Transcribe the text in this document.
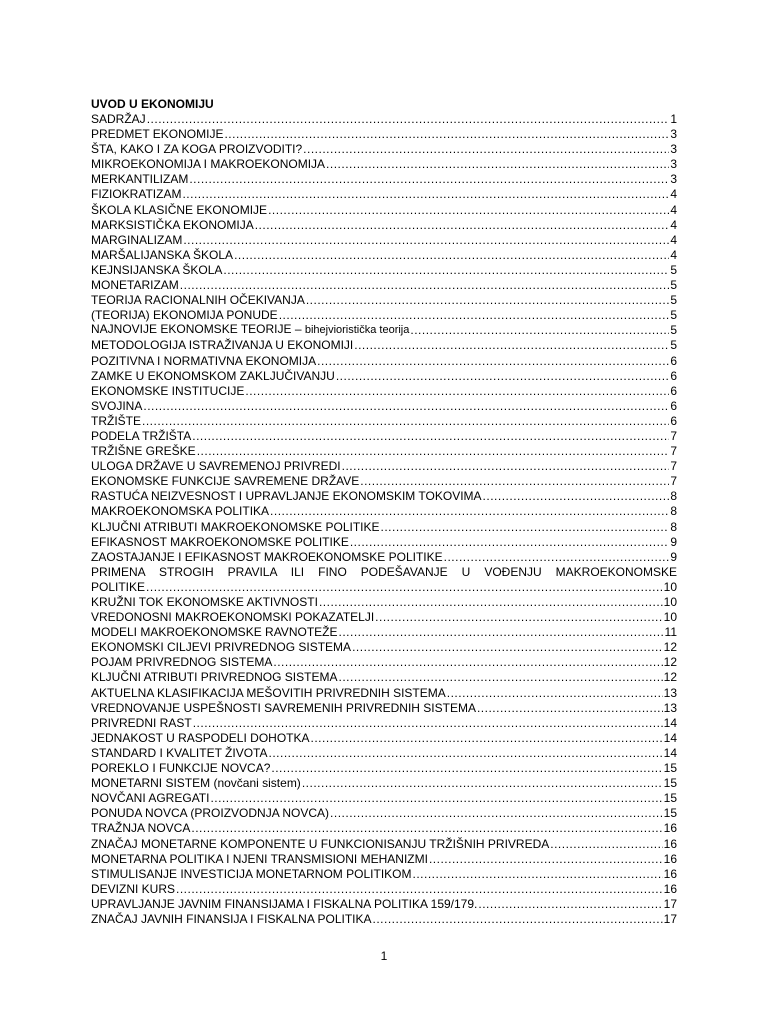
UVOD U EKONOMIJU
SADRŽAJ .....	1
PREDMET EKONOMIJE .....	3
ŠTA, KAKO I ZA KOGA PROIZVODITI? .....	3
MIKROEKONOMIJA I MAKROEKONOMIJA .....	3
MERKANTILIZAM .....	3
FIZIOKRATIZAM .....	4
ŠKOLA KLASIČNE EKONOMIJE .....	4
MARKSISTIČKA EKONOMIJA .....	4
MARGINALIZAM .....	4
MARŠALIJANSKA ŠKOLA .....	4
KEJNSIJANSKA ŠKOLA .....	5
MONETARIZAM .....	5
TEORIJA RACIONALNIH OČEKIVANJA .....	5
(TEORIJA) EKONOMIJA PONUDE .....	5
NAJNOVIJE EKONOMSKE TEORIJE – bihejvioristička teorija .....	5
METODOLOGIJA ISTRAŽIVANJA U EKONOMIJI .....	5
POZITIVNA I NORMATIVNA EKONOMIJA .....	6
ZAMKE U EKONOMSKOM ZAKLJUČIVANJU .....	6
EKONOMSKE INSTITUCIJE .....	6
SVOJINA .....	6
TRŽIŠTE .....	6
PODELA TRŽIŠTA .....	7
TRŽIŠNE GREŠKE .....	7
ULOGA DRŽAVE U SAVREMENOJ PRIVREDI .....	7
EKONOMSKE FUNKCIJE SAVREMENE DRŽAVE .....	7
RASTUĆA NEIZVESNOST I UPRAVLJANJE EKONOMSKIM TOKOVIMA .....	8
MAKROEKONOMSKA POLITIKA .....	8
KLJUČNI ATRIBUTI MAKROEKONOMSKE POLITIKE .....	8
EFIKASNOST MAKROEKONOMSKE POLITIKE .....	9
ZAOSTAJANJE I EFIKASNOST MAKROEKONOMSKE POLITIKE .....	9
PRIMENA STROGIH PRAVILA ILI FINO PODEŠAVANJE U VOĐENJU MAKROEKONOMSKE
POLITIKE .....	10
KRUŽNI TOK EKONOMSKE AKTIVNOSTI .....	10
VREDONOSNI MAKROEKONOMSKI POKAZATELJI .....	10
MODELI MAKROEKONOMSKE RAVNOTEŽE .....	11
EKONOMSKI CILJEVI PRIVREDNOG SISTEMA .....	12
POJAM PRIVREDNOG SISTEMA .....	12
KLJUČNI ATRIBUTI PRIVREDNOG SISTEMA .....	12
AKTUELNA KLASIFIKACIJA MEŠOVITIH PRIVREDNIH SISTEMA .....	13
VREDNOVANJE USPEŠNOSTI SAVREMENIH PRIVREDNIH SISTEMA .....	13
PRIVREDNI RAST .....	14
JEDNAKOST U RASPODELI DOHOTKA .....	14
STANDARD I KVALITET ŽIVOTA .....	14
POREKLO I FUNKCIJE NOVCA? .....	15
MONETARNI SISTEM (novčani sistem) .....	15
NOVČANI AGREGATI .....	15
PONUDA NOVCA (PROIZVODNJA NOVCA) .....	15
TRAŽNJA NOVCA .....	16
ZNAČAJ MONETARNE KOMPONENTE U FUNKCIONISANJU TRŽIŠNIH PRIVREDA .....	16
MONETARNA POLITIKA I NJENI TRANSMISIONI MEHANIZMI .....	16
STIMULISANJE INVESTICIJA MONETARNOM POLITIKOM .....	16
DEVIZNI KURS .....	16
UPRAVLJANJE JAVNIM FINANSIJAMA I FISKALNA POLITIKA 159/179. .....	17
ZNAČAJ JAVNIH FINANSIJA I FISKALNA POLITIKA .....	17
1
